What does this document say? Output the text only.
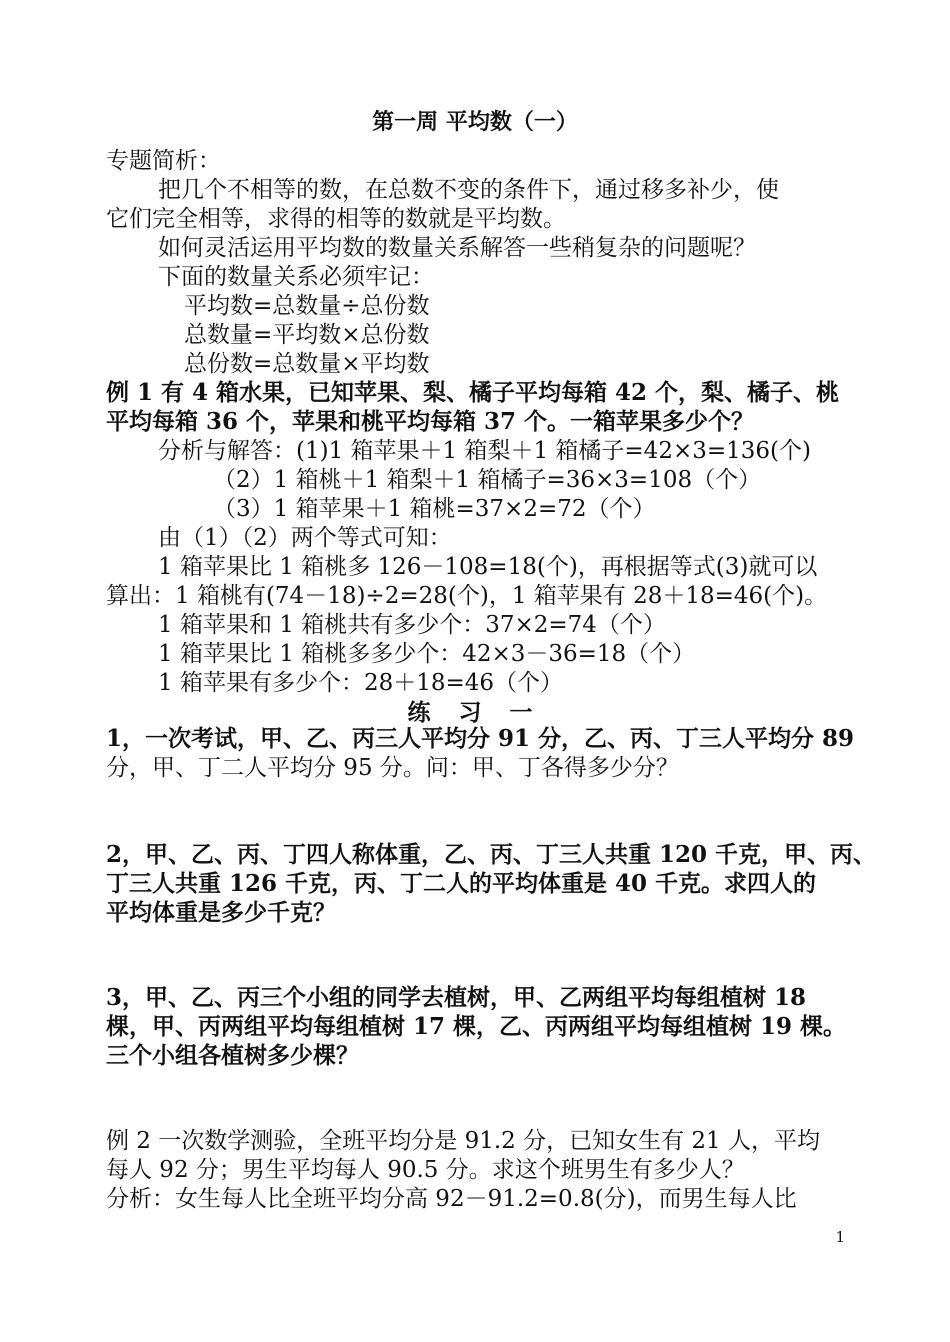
第一周 平均数（一）
专题简析：
把几个不相等的数，在总数不变的条件下，通过移多补少，使
它们完全相等，求得的相等的数就是平均数。
如何灵活运用平均数的数量关系解答一些稍复杂的问题呢？
下面的数量关系必须牢记：
平均数=总数量÷总份数
总数量=平均数×总份数
总份数=总数量×平均数
例 1 有 4 箱水果，已知苹果、梨、橘子平均每箱 42 个，梨、橘子、桃
平均每箱 36 个，苹果和桃平均每箱 37 个。一箱苹果多少个？
分析与解答：(1)1 箱苹果＋1 箱梨＋1 箱橘子=42×3=136(个)
（2）1 箱桃＋1 箱梨＋1 箱橘子=36×3=108（个）
（3）1 箱苹果＋1 箱桃=37×2=72（个）
由（1）（2）两个等式可知：
1 箱苹果比 1 箱桃多 126－108=18(个)，再根据等式(3)就可以
算出：1 箱桃有(74－18)÷2=28(个)，1 箱苹果有 28＋18=46(个)。
1 箱苹果和 1 箱桃共有多少个：37×2=74（个）
1 箱苹果比 1 箱桃多多少个：42×3－36=18（个）
1 箱苹果有多少个：28＋18=46（个）
练 习 一
1，一次考试，甲、乙、丙三人平均分 91 分，乙、丙、丁三人平均分 89
分，甲、丁二人平均分 95 分。问：甲、丁各得多少分？
2，甲、乙、丙、丁四人称体重，乙、丙、丁三人共重 120 千克，甲、丙、
丁三人共重 126 千克，丙、丁二人的平均体重是 40 千克。求四人的
平均体重是多少千克？
3，甲、乙、丙三个小组的同学去植树，甲、乙两组平均每组植树 18
棵，甲、丙两组平均每组植树 17 棵，乙、丙两组平均每组植树 19 棵。
三个小组各植树多少棵？
例 2 一次数学测验，全班平均分是 91.2 分，已知女生有 21 人，平均
每人 92 分；男生平均每人 90.5 分。求这个班男生有多少人？
分析：女生每人比全班平均分高 92－91.2=0.8(分)，而男生每人比
1
